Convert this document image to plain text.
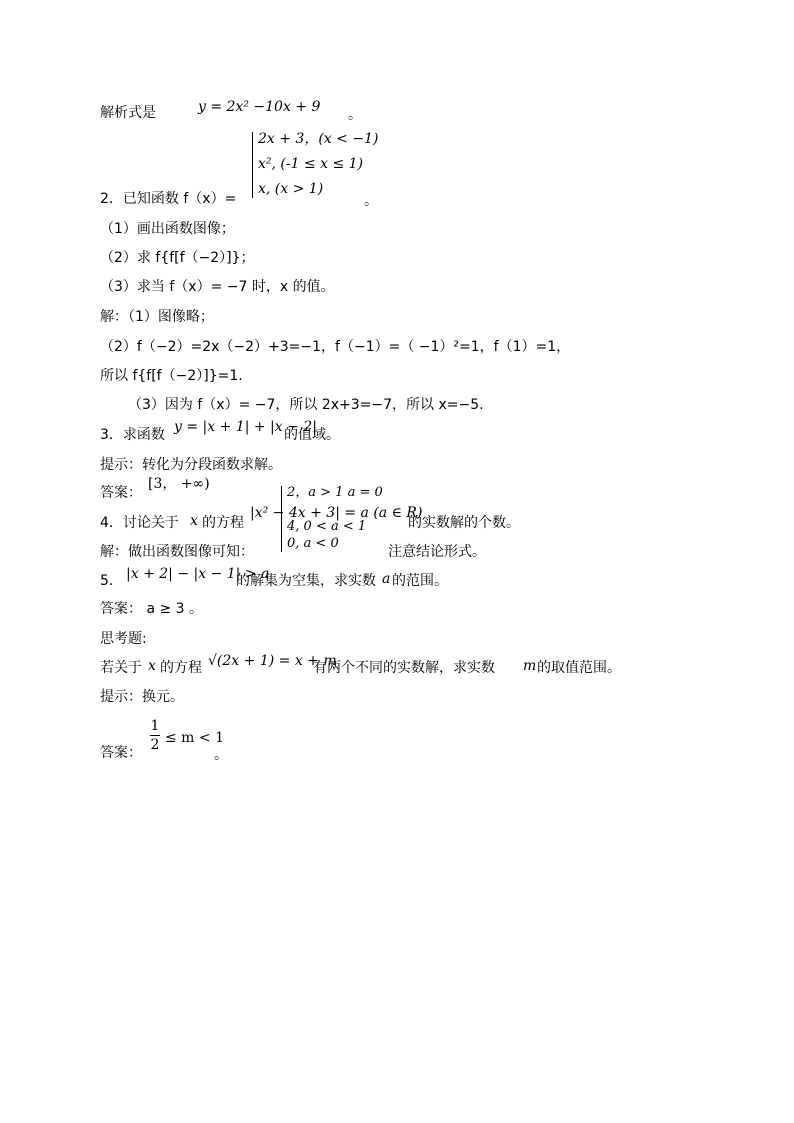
解析式是	y = 2x² −10x + 9 。
2x + 3，(x < −1)
x², (-1 ≤ x ≤ 1)
x, (x > 1)
2．已知函数 f（x）=	。
（1）画出函数图像；
（2）求 f{f[f（−2）]}；
（3）求当 f（x）= −7 时，x 的值。
解：（1）图像略；
（2）f（−2）=2x（−2）+3=−1，f（−1）=（ −1）²=1，f（1）=1，
所以 f{f[f（−2）]}=1.
（3）因为 f（x）= −7，所以 2x+3=−7，所以 x=−5.
3．求函数 y = |x + 1| + |x − 2|
的值域。
提示：转化为分段函数求解。
答案：
[3， +∞)
4．讨论关于 x 的方程
|x² − 4x + 3| = a (a ∈ R)
2，a > 1 a = 0
4, 0 < a < 1
0, a < 0
的实数解的个数。
解：做出函数图像可知：	注意结论形式。
5． |x + 2| − |x − 1| > a
的解集为空集，求实数 a 的范围。
答案： a ≥ 3 。
思考题:
若关于 x 的方程 √(2x + 1) = x + m
有两个不同的实数解，求实数 m 的取值范围。
提示：换元。
答案：
1
2 ≤ m < 1
。
